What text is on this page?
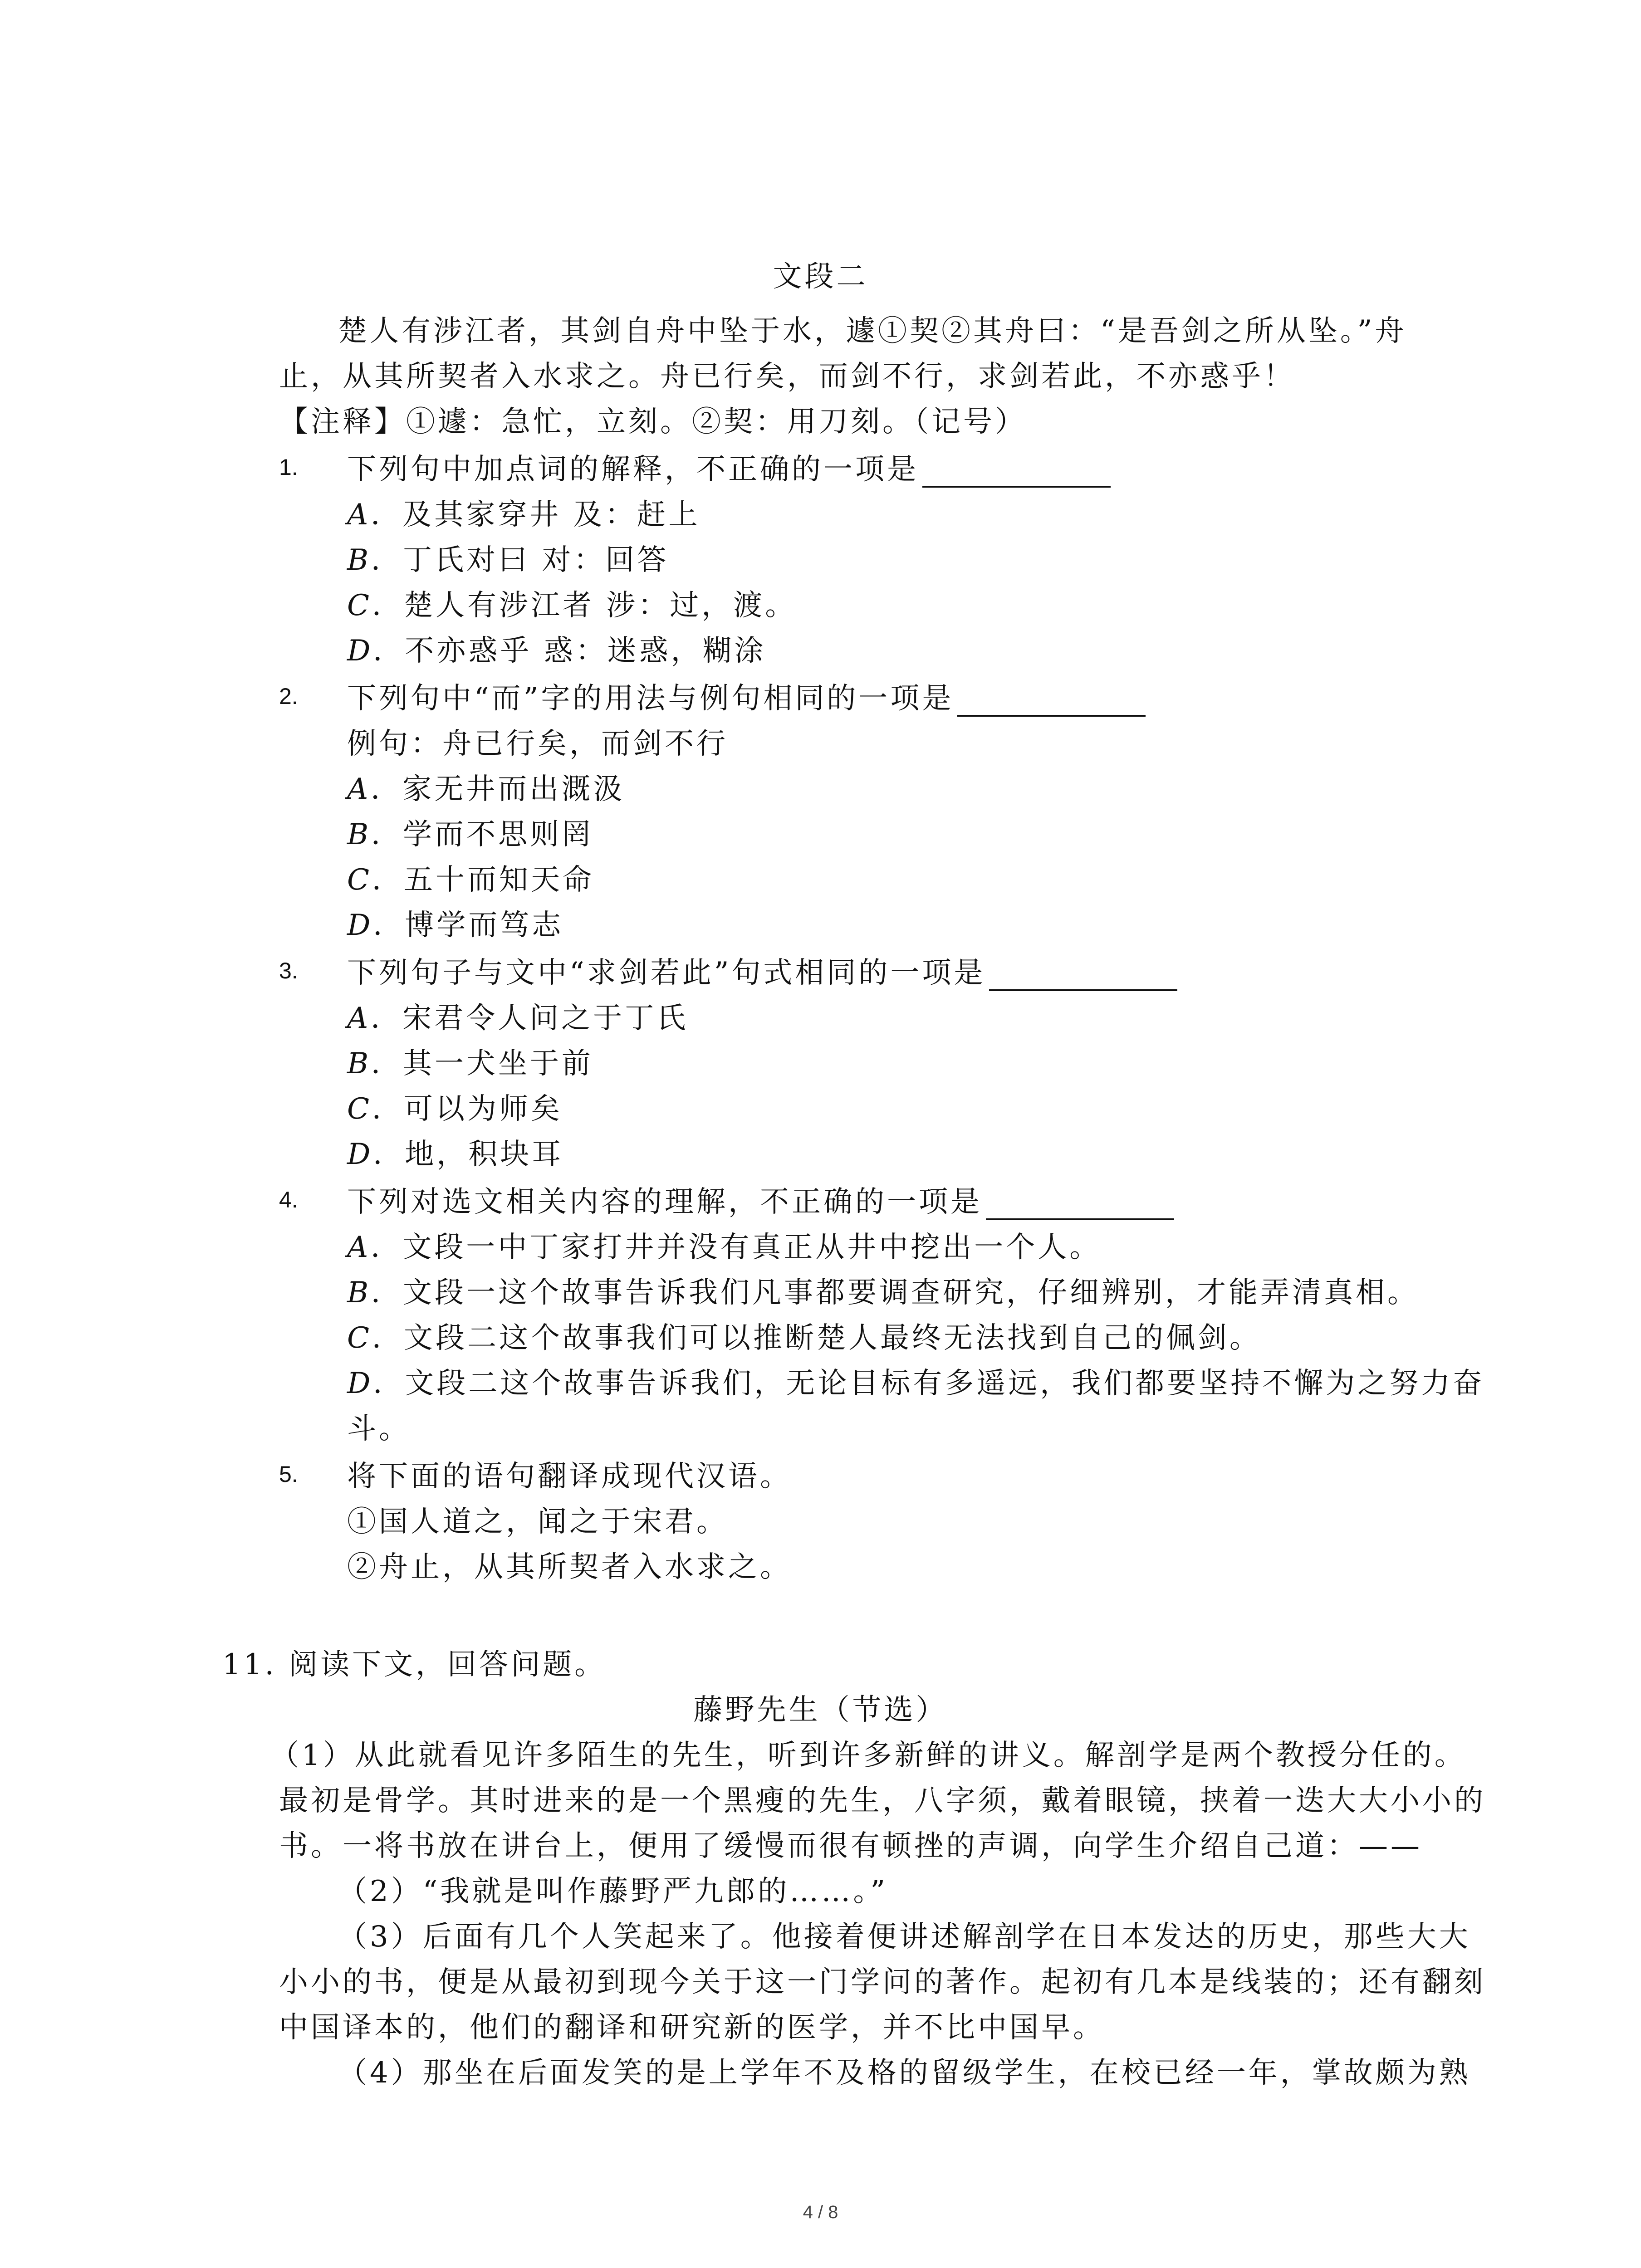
文段二
楚人有涉江者，其剑自舟中坠于水，遽①契②其舟曰：“是吾剑之所从坠。”舟
止，从其所契者入水求之。舟已行矣，而剑不行，求剑若此，不亦惑乎！
【注释】①遽：急忙，立刻。②契：用刀刻。（记号）
1. 下列句中加点词的解释，不正确的一项是
A．及其家穿井 及：赶上
B．丁氏对曰 对：回答
C．楚人有涉江者 涉：过，渡。
D．不亦惑乎 惑：迷惑，糊涂
2. 下列句中“而”字的用法与例句相同的一项是
例句：舟已行矣，而剑不行
A．家无井而出溉汲
B．学而不思则罔
C．五十而知天命
D．博学而笃志
3. 下列句子与文中“求剑若此”句式相同的一项是
A．宋君令人问之于丁氏
B．其一犬坐于前
C．可以为师矣
D．地，积块耳
4. 下列对选文相关内容的理解，不正确的一项是
A．文段一中丁家打井并没有真正从井中挖出一个人。
B．文段一这个故事告诉我们凡事都要调查研究，仔细辨别，才能弄清真相。
C．文段二这个故事我们可以推断楚人最终无法找到自己的佩剑。
D．文段二这个故事告诉我们，无论目标有多遥远，我们都要坚持不懈为之努力奋
斗。
5. 将下面的语句翻译成现代汉语。
①国人道之，闻之于宋君。
②舟止，从其所契者入水求之。
11. 阅读下文，回答问题。
藤野先生（节选）
（1）从此就看见许多陌生的先生，听到许多新鲜的讲义。解剖学是两个教授分任的。
最初是骨学。其时进来的是一个黑瘦的先生，八字须，戴着眼镜，挟着一迭大大小小的
书。一将书放在讲台上，便用了缓慢而很有顿挫的声调，向学生介绍自己道：——
（2）“我就是叫作藤野严九郎的……。”
（3）后面有几个人笑起来了。他接着便讲述解剖学在日本发达的历史，那些大大
小小的书，便是从最初到现今关于这一门学问的著作。起初有几本是线装的；还有翻刻
中国译本的，他们的翻译和研究新的医学，并不比中国早。
（4）那坐在后面发笑的是上学年不及格的留级学生，在校已经一年，掌故颇为熟
4 / 8
